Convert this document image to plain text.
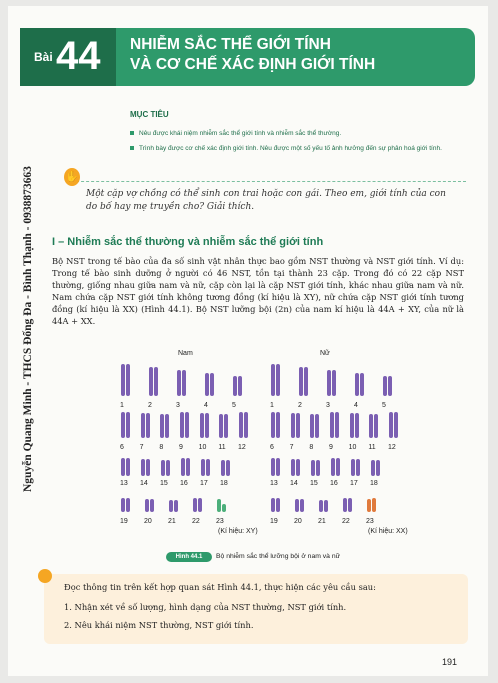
Nguyễn Quang Minh - THCS Đống Đa - Bình Thạnh - 0938873663
Bài 44 NHIỄM SẮC THỂ GIỚI TÍNH
VÀ CƠ CHẾ XÁC ĐỊNH GIỚI TÍNH
MỤC TIÊU
Nêu được khái niệm nhiễm sắc thể giới tính và nhiễm sắc thể thường.
Trình bày được cơ chế xác định giới tính. Nêu được một số yếu tố ảnh hưởng đến sự phân hoá giới tính.
✋
Một cặp vợ chồng có thể sinh con trai hoặc con gái. Theo em, giới tính của con do bố hay mẹ truyền cho? Giải thích.
I – Nhiễm sắc thể thường và nhiễm sắc thể giới tính
Bộ NST trong tế bào của đa số sinh vật nhân thực bao gồm NST thường và NST giới tính. Ví dụ: Trong tế bào sinh dưỡng ở người có 46 NST, tồn tại thành 23 cặp. Trong đó có 22 cặp NST thường, giống nhau giữa nam và nữ, cặp còn lại là cặp NST giới tính, khác nhau giữa nam và nữ. Nam chứa cặp NST giới tính không tương đồng (kí hiệu là XY), nữ chứa cặp NST giới tính tương đồng (kí hiệu là XX) (Hình 44.1). Bộ NST lưỡng bội (2n) của nam kí hiệu là 44A + XY, của nữ là 44A + XX.
Nam	Nữ
(Kí hiệu: XY)	(Kí hiệu: XX)
1	2	3	4	5
6 7 8 9 10 11 12
13 14 15 16 17 18
19 20 21 22 23
1	2	3	4	5
6 7 8 9 10 11 12
13 14 15 16 17 18
19 20 21 22 23
Hình 44.1	Bộ nhiễm sắc thể lưỡng bội ở nam và nữ
Đọc thông tin trên kết hợp quan sát Hình 44.1, thực hiện các yêu cầu sau:
1. Nhận xét về số lượng, hình dạng của NST thường, NST giới tính.
2. Nêu khái niệm NST thường, NST giới tính.
191
